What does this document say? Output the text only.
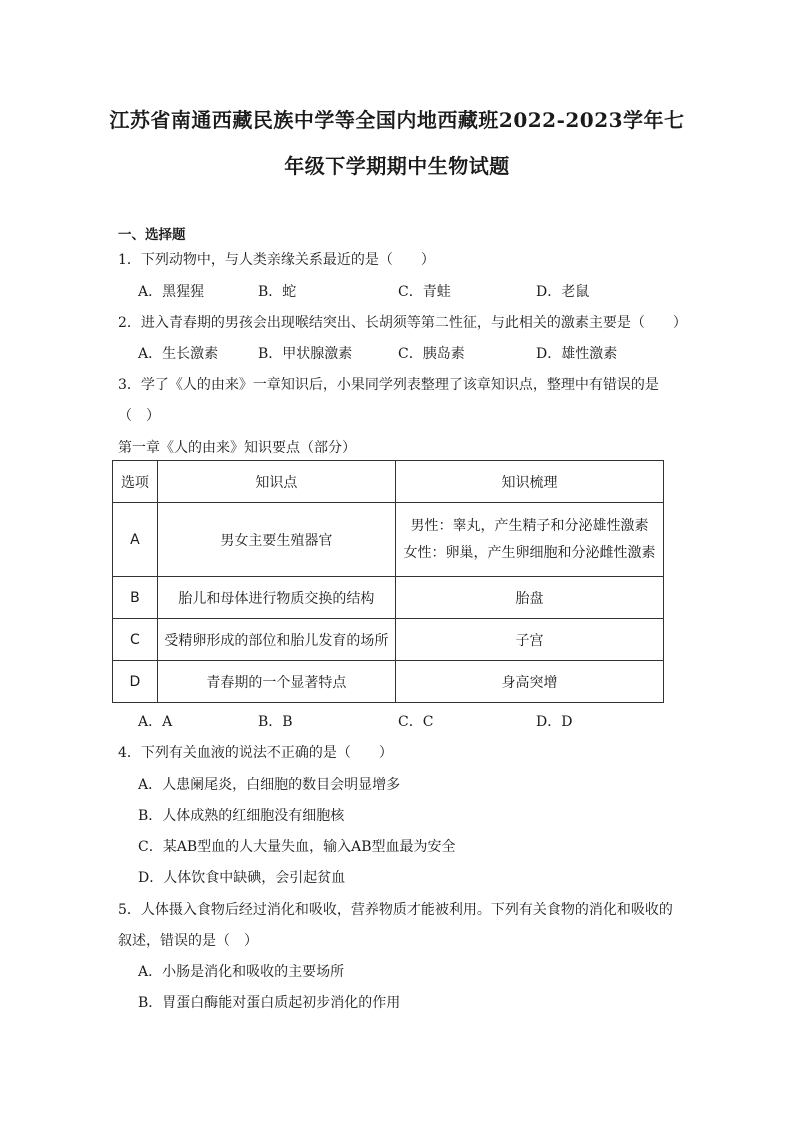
江苏省南通西藏民族中学等全国内地西藏班2022-2023学年七
年级下学期期中生物试题
一、选择题
1．下列动物中，与人类亲缘关系最近的是（　　）
A．黑猩猩	B．蛇	C．青蛙	D．老鼠
2．进入青春期的男孩会出现喉结突出、长胡须等第二性征，与此相关的激素主要是（　　）
A．生长激素	B．甲状腺激素	C．胰岛素	D．雄性激素
3．学了《人的由来》一章知识后，小果同学列表整理了该章知识点，整理中有错误的是
（　）
第一章《人的由来》知识要点（部分）
选项	知识点	知识梳理
A	男女主要生殖器官	男性：睾丸，产生精子和分泌雄性激素
女性：卵巢，产生卵细胞和分泌雌性激素

B	胎儿和母体进行物质交换的结构	胎盘
C	受精卵形成的部位和胎儿发育的场所	子宫
D	青春期的一个显著特点	身高突增
A．A	B．B	C．C	D．D
4．下列有关血液的说法不正确的是（　　）
A．人患阑尾炎，白细胞的数目会明显增多
B．人体成熟的红细胞没有细胞核
C．某AB型血的人大量失血，输入AB型血最为安全
D．人体饮食中缺碘，会引起贫血
5．人体摄入食物后经过消化和吸收，营养物质才能被利用。下列有关食物的消化和吸收的
叙述，错误的是（　）
A．小肠是消化和吸收的主要场所
B．胃蛋白酶能对蛋白质起初步消化的作用
